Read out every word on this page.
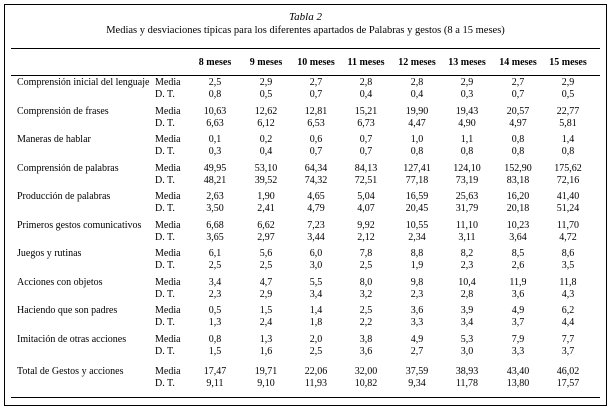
Tabla 2
Medias y desviaciones típicas para los diferentes apartados de Palabras y gestos (8 a 15 meses)
8 meses	9 meses	10 meses	11 meses	12 meses	13 meses	14 meses	15 meses
Comprensión inicial del lenguaje Media	2,5	2,9	2,7	2,8	2,8	2,9	2,7	2,9
D. T.	0,8	0,5	0,7	0,4	0,4	0,3	0,7	0,5
Comprensión de frases	Media	10,63	12,62	12,81	15,21	19,90	19,43	20,57	22,77
D. T.	6,63	6,12	6,53	6,73	4,47	4,90	4,97	5,81
Maneras de hablar	Media	0,1	0,2	0,6	0,7	1,0	1,1	0,8	1,4
D. T.	0,3	0,4	0,7	0,7	0,8	0,8	0,8	0,8
Comprensión de palabras	Media	49,95	53,10	64,34	84,13	127,41	124,10	152,90	175,62
D. T.	48,21	39,52	74,32	72,51	77,18	73,19	83,18	72,16
Producción de palabras	Media	2,63	1,90	4,65	5,04	16,59	25,63	16,20	41,40
D. T.	3,50	2,41	4,79	4,07	20,45	31,79	20,18	51,24
Primeros gestos comunicativos Media	6,68	6,62	7,23	9,92	10,55	11,10	10,23	11,70
D. T.	3,65	2,97	3,44	2,12	2,34	3,11	3,64	4,72
Juegos y rutinas	Media	6,1	5,6	6,0	7,8	8,8	8,2	8,5	8,6
D. T.	2,5	2,5	3,0	2,5	1,9	2,3	2,6	3,5
Acciones con objetos	Media	3,4	4,7	5,5	8,0	9,8	10,4	11,9	11,8
D. T.	2,3	2,9	3,4	3,2	2,3	2,8	3,6	4,3
Haciendo que son padres	Media	0,5	1,5	1,4	2,5	3,6	3,9	4,9	6,2
D. T.	1,3	2,4	1,8	2,2	3,3	3,4	3,7	4,4
Imitación de otras acciones	Media	0,8	1,3	2,0	3,8	4,9	5,3	7,9	7,7
D. T.	1,5	1,6	2,5	3,6	2,7	3,0	3,3	3,7
Total de Gestos y acciones	Media	17,47	19,71	22,06	32,00	37,59	38,93	43,40	46,02
D. T.	9,11	9,10	11,93	10,82	9,34	11,78	13,80	17,57
